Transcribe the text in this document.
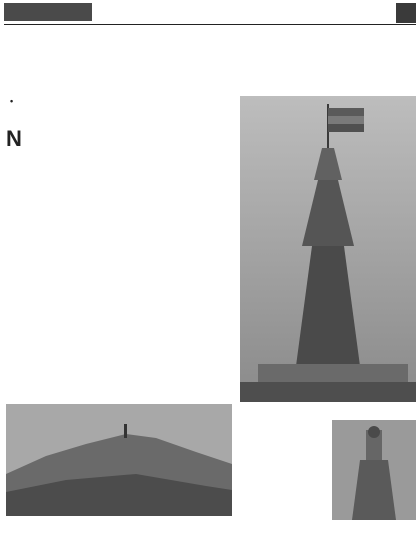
•

N
